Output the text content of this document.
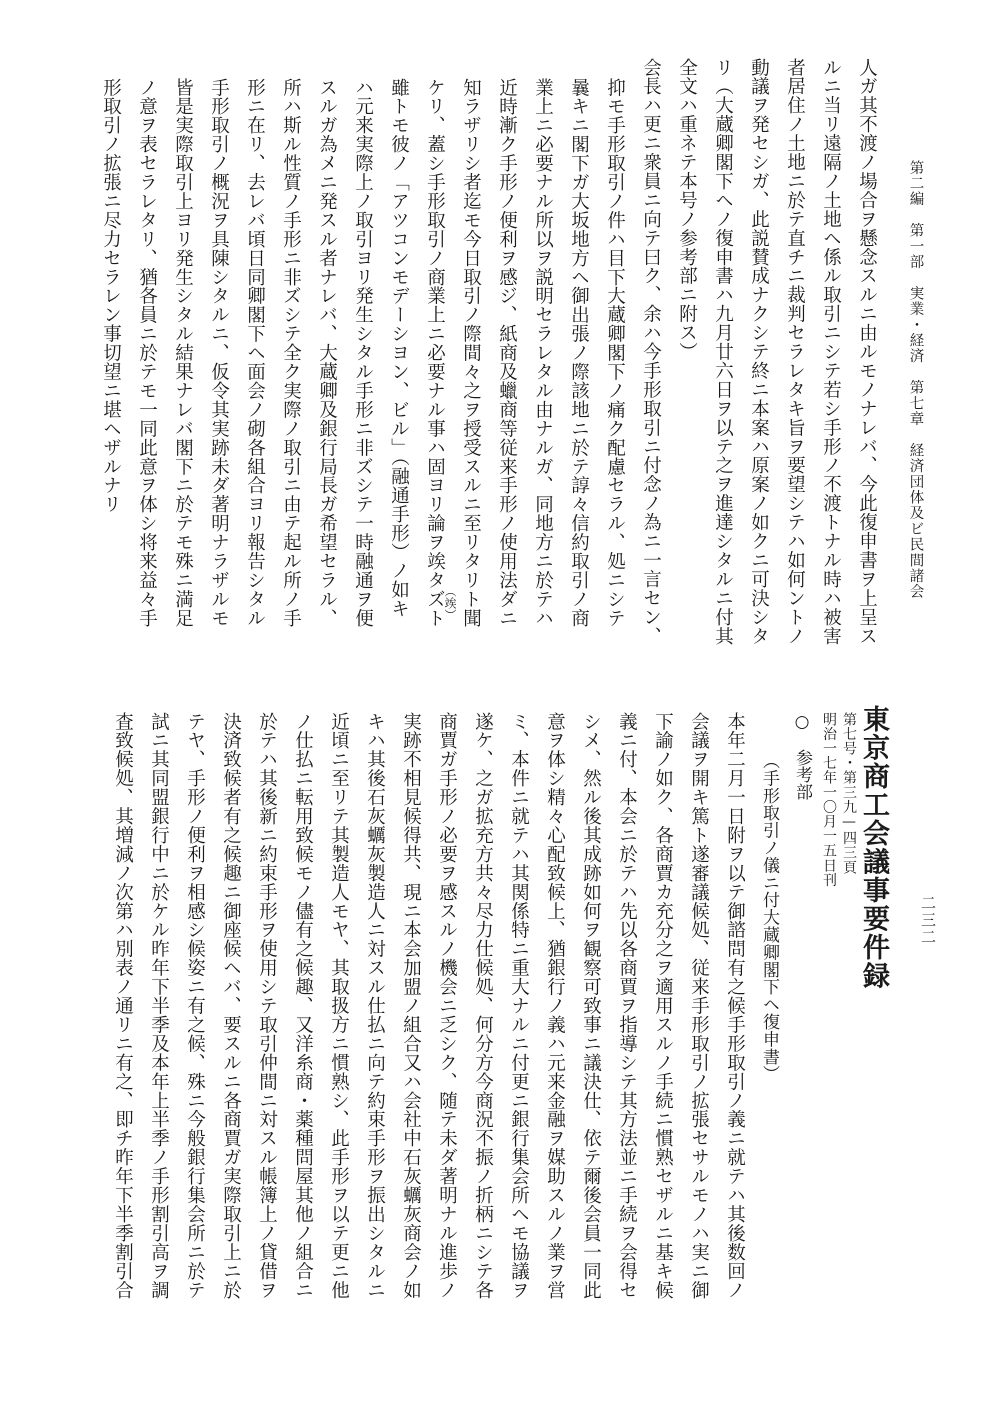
第二編　第一部　実業・経済　第七章　経済団体及ビ民間諸会
二三二
人ガ其不渡ノ場合ヲ懸念スルニ由ルモノナレバ、今此復申書ヲ上呈ス
ルニ当リ遠隔ノ土地ヘ係ル取引ニシテ若シ手形ノ不渡トナル時ハ被害
者居住ノ土地ニ於テ直チニ裁判セラレタキ旨ヲ要望シテハ如何ントノ
動議ヲ発セシガ、此説賛成ナクシテ終ニ本案ハ原案ノ如クニ可決シタ
リ（大蔵卿閣下ヘノ復申書ハ九月廿六日ヲ以テ之ヲ進達シタルニ付其
全文ハ重ネテ本号ノ参考部ニ附ス）
会長ハ更ニ衆員ニ向テ曰ク、余ハ今手形取引ニ付念ノ為ニ一言セン、
抑モ手形取引ノ件ハ目下大蔵卿閣下ノ痛ク配慮セラル、処ニシテ
曩キニ閣下ガ大坂地方ヘ御出張ノ際該地ニ於テ諄々信約取引ノ商
業上ニ必要ナル所以ヲ説明セラレタル由ナルガ、同地方ニ於テハ
近時漸ク手形ノ便利ヲ感ジ、紙商及蠟商等従来手形ノ使用法ダニ
知ラザリシ者迄モ今日取引ノ際間々之ヲ授受スルニ至リタリト聞
ケリ、蓋シ手形取引ノ商業上ニ必要ナル事ハ固ヨリ論ヲ竢タズト
雖トモ彼ノ「アツコンモデーシヨン、ビル」（融通手形）ノ如キ
ハ元来実際上ノ取引ヨリ発生シタル手形ニ非ズシテ一時融通ヲ便
スルガ為メニ発スル者ナレバ、大蔵卿及銀行局長ガ希望セラル、
所ハ斯ル性質ノ手形ニ非ズシテ全ク実際ノ取引ニ由テ起ル所ノ手
形ニ在リ、去レバ頃日同卿閣下ヘ面会ノ砌各組合ヨリ報告シタル
手形取引ノ概況ヲ具陳シタルニ、仮令其実跡未ダ著明ナラザルモ
皆是実際取引上ヨリ発生シタル結果ナレバ閣下ニ於テモ殊ニ満足
ノ意ヲ表セラレタリ、猶各員ニ於テモ一同此意ヲ体シ将来益々手
形取引ノ拡張ニ尽力セラレン事切望ニ堪ヘザルナリ
（竢）
東京商工会議事要件録
第七号・第三九—四三頁
明治一七年一〇月一五日刊
○　参考部
（手形取引ノ儀ニ付大蔵卿閣下ヘ復申書）
本年二月一日附ヲ以テ御諮問有之候手形取引ノ義ニ就テハ其後数回ノ
会議ヲ開キ篤ト遂審議候処、従来手形取引ノ拡張セサルモノハ実ニ御
下諭ノ如ク、各商賈カ充分之ヲ適用スルノ手続ニ慣熟セザルニ基キ候
義ニ付、本会ニ於テハ先以各商賈ヲ指導シテ其方法並ニ手続ヲ会得セ
シメ、然ル後其成跡如何ヲ観察可致事ニ議決仕、依テ爾後会員一同此
意ヲ体シ精々心配致候上、猶銀行ノ義ハ元来金融ヲ媒助スルノ業ヲ営
ミ、本件ニ就テハ其関係特ニ重大ナルニ付更ニ銀行集会所ヘモ協議ヲ
遂ケ、之ガ拡充方共々尽力仕候処、何分方今商況不振ノ折柄ニシテ各
商賈ガ手形ノ必要ヲ感スルノ機会ニ乏シク、随テ未ダ著明ナル進歩ノ
実跡不相見候得共、現ニ本会加盟ノ組合又ハ会社中石灰蠣灰商会ノ如
キハ其後石灰蠣灰製造人ニ対スル仕払ニ向テ約束手形ヲ振出シタルニ
近頃ニ至リテ其製造人モヤ、其取扱方ニ慣熟シ、此手形ヲ以テ更ニ他
ノ仕払ニ転用致候モノ儘有之候趣、又洋糸商・薬種問屋其他ノ組合ニ
於テハ其後新ニ約束手形ヲ使用シテ取引仲間ニ対スル帳簿上ノ貸借ヲ
決済致候者有之候趣ニ御座候ヘバ、要スルニ各商賈ガ実際取引上ニ於
テヤ、手形ノ便利ヲ相感シ候姿ニ有之候、殊ニ今般銀行集会所ニ於テ
試ニ其同盟銀行中ニ於ケル昨年下半季及本年上半季ノ手形割引高ヲ調
査致候処、其増減ノ次第ハ別表ノ通リニ有之、即チ昨年下半季割引合
